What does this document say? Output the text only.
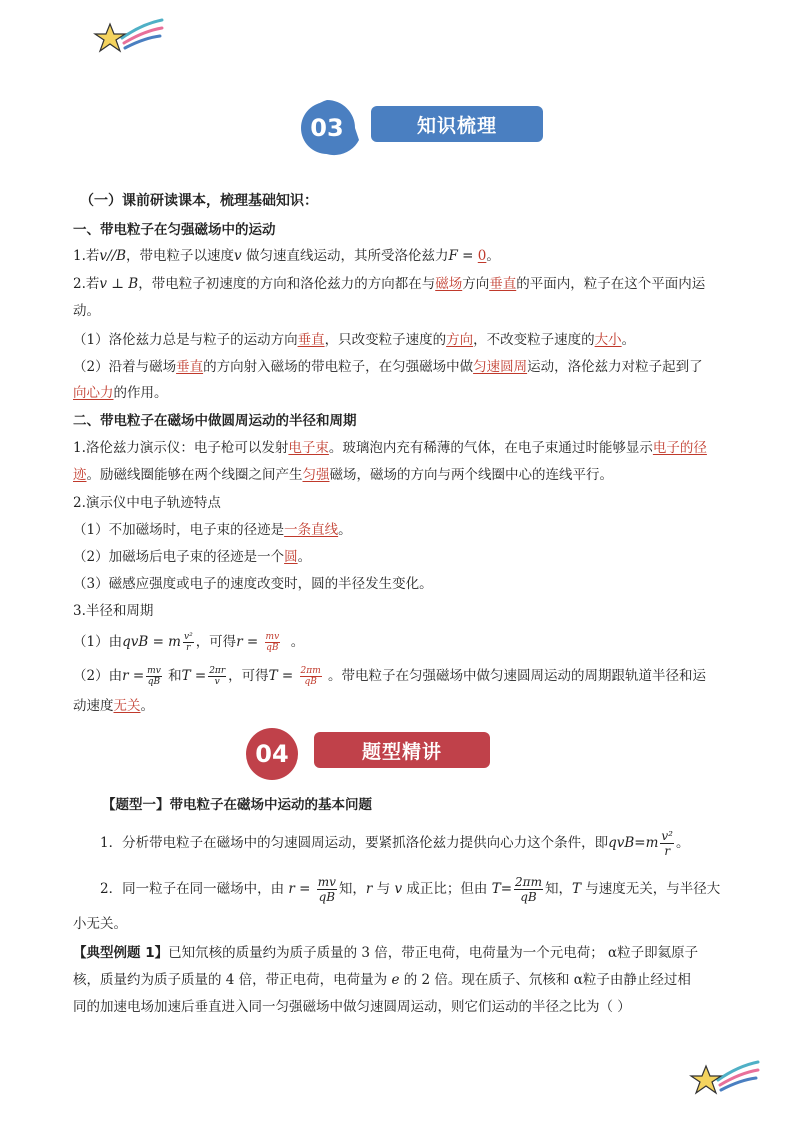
03	知识梳理
（一）课前研读课本，梳理基础知识：
一、带电粒子在匀强磁场中的运动
1.若v//B，带电粒子以速度v 做匀速直线运动，其所受洛伦兹力F = 0。
2.若v ⊥ B，带电粒子初速度的方向和洛伦兹力的方向都在与磁场方向垂直的平面内，粒子在这个平面内运
动。
（1）洛伦兹力总是与粒子的运动方向垂直，只改变粒子速度的方向，不改变粒子速度的大小。
（2）沿着与磁场垂直的方向射入磁场的带电粒子，在匀强磁场中做匀速圆周运动，洛伦兹力对粒子起到了
向心力的作用。
二、带电粒子在磁场中做圆周运动的半径和周期
1.洛伦兹力演示仪：电子枪可以发射电子束。玻璃泡内充有稀薄的气体，在电子束通过时能够显示电子的径
迹。励磁线圈能够在两个线圈之间产生匀强磁场，磁场的方向与两个线圈中心的连线平行。
2.演示仪中电子轨迹特点
（1）不加磁场时，电子束的径迹是一条直线。
（2）加磁场后电子束的径迹是一个圆。
（3）磁感应强度或电子的速度改变时，圆的半径发生变化。
3.半径和周期
（1）由qvB = m $\frac{\text{v²}}{r}$ ，可得$r = \frac{mv}{qB}$ 。
（2）由$r = \frac{mv}{qB}$ 和$T = \frac{2\pi r}{v}$ ，可得$T = \frac{2\pi m}{qB}$ 。带电粒子在匀强磁场中做匀速圆周运动的周期跟轨道半径和运
动速度无关。
04	题型精讲
【题型一】带电粒子在磁场中运动的基本问题
1．分析带电粒子在磁场中的匀速圆周运动，要紧抓洛伦兹力提供向心力这个条件，即$qvB=m \frac{\text{v²}}{r}$ 。
2．同一粒子在同一磁场中，由 $r = \frac{mv}{qB}$ 知，r 与 v 成正比；但由 $T= \frac{2\pi m}{qB}$ 知，T 与速度无关，与半径大
小无关。
【典型例题 1】已知氘核的质量约为质子质量的 3 倍，带正电荷，电荷量为一个元电荷； α粒子即氦原子
核，质量约为质子质量的 4 倍，带正电荷，电荷量为 e 的 2 倍。现在质子、氘核和 α粒子由静止经过相
同的加速电场加速后垂直进入同一匀强磁场中做匀速圆周运动，则它们运动的半径之比为（ ）
